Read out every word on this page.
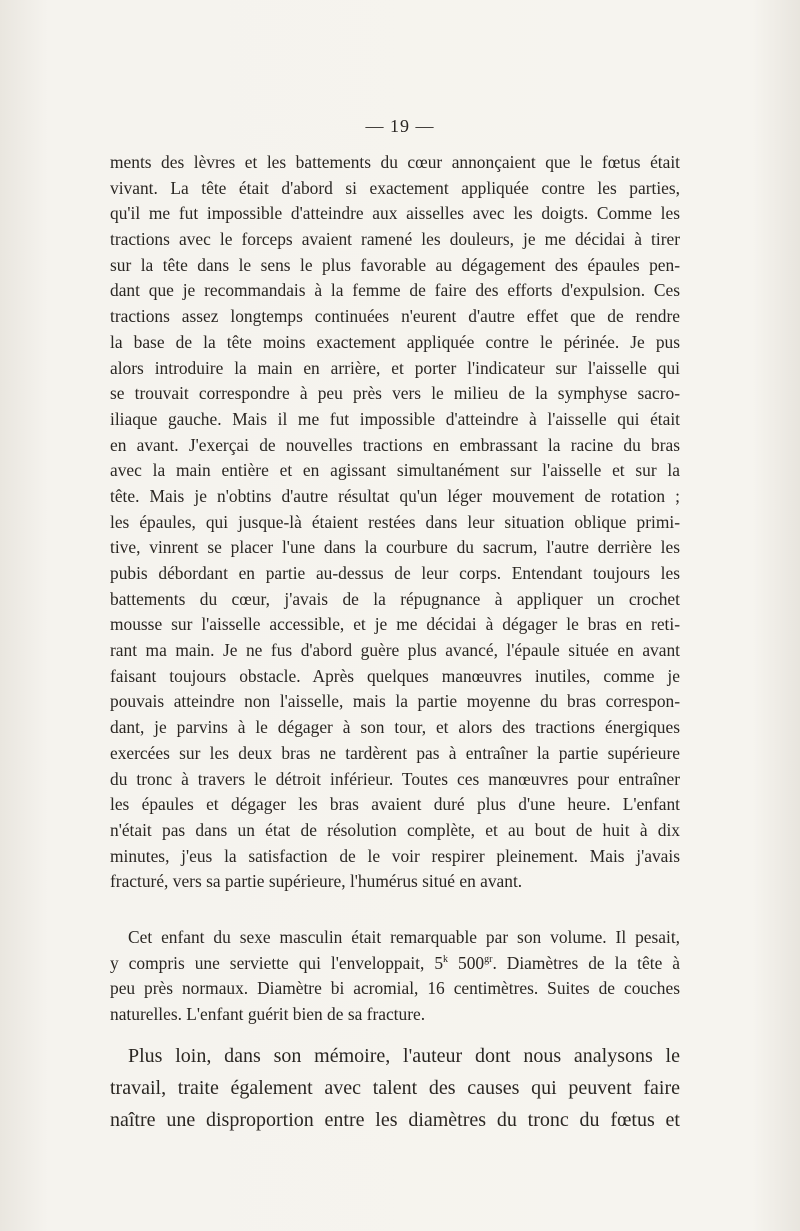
— 19 —
ments des lèvres et les battements du cœur annonçaient que le fœtus était
vivant. La tête était d'abord si exactement appliquée contre les parties,
qu'il me fut impossible d'atteindre aux aisselles avec les doigts. Comme les
tractions avec le forceps avaient ramené les douleurs, je me décidai à tirer
sur la tête dans le sens le plus favorable au dégagement des épaules pen-
dant que je recommandais à la femme de faire des efforts d'expulsion. Ces
tractions assez longtemps continuées n'eurent d'autre effet que de rendre
la base de la tête moins exactement appliquée contre le périnée. Je pus
alors introduire la main en arrière, et porter l'indicateur sur l'aisselle qui
se trouvait correspondre à peu près vers le milieu de la symphyse sacro-
iliaque gauche. Mais il me fut impossible d'atteindre à l'aisselle qui était
en avant. J'exerçai de nouvelles tractions en embrassant la racine du bras
avec la main entière et en agissant simultanément sur l'aisselle et sur la
tête. Mais je n'obtins d'autre résultat qu'un léger mouvement de rotation ;
les épaules, qui jusque-là étaient restées dans leur situation oblique primi-
tive, vinrent se placer l'une dans la courbure du sacrum, l'autre derrière les
pubis débordant en partie au-dessus de leur corps. Entendant toujours les
battements du cœur, j'avais de la répugnance à appliquer un crochet
mousse sur l'aisselle accessible, et je me décidai à dégager le bras en reti-
rant ma main. Je ne fus d'abord guère plus avancé, l'épaule située en avant
faisant toujours obstacle. Après quelques manœuvres inutiles, comme je
pouvais atteindre non l'aisselle, mais la partie moyenne du bras correspon-
dant, je parvins à le dégager à son tour, et alors des tractions énergiques
exercées sur les deux bras ne tardèrent pas à entraîner la partie supérieure
du tronc à travers le détroit inférieur. Toutes ces manœuvres pour entraîner
les épaules et dégager les bras avaient duré plus d'une heure. L'enfant
n'était pas dans un état de résolution complète, et au bout de huit à dix
minutes, j'eus la satisfaction de le voir respirer pleinement. Mais j'avais
fracturé, vers sa partie supérieure, l'humérus situé en avant.
Cet enfant du sexe masculin était remarquable par son volume. Il pesait,
y compris une serviette qui l'enveloppait, 5$^k$ $500^{gr}$. Diamètres de la tête à
peu près normaux. Diamètre bi acromial, 16 centimètres. Suites de couches
naturelles. L'enfant guérit bien de sa fracture.
Plus loin, dans son mémoire, l'auteur dont nous analysons le
travail, traite également avec talent des causes qui peuvent faire
naître une disproportion entre les diamètres du tronc du fœtus et
